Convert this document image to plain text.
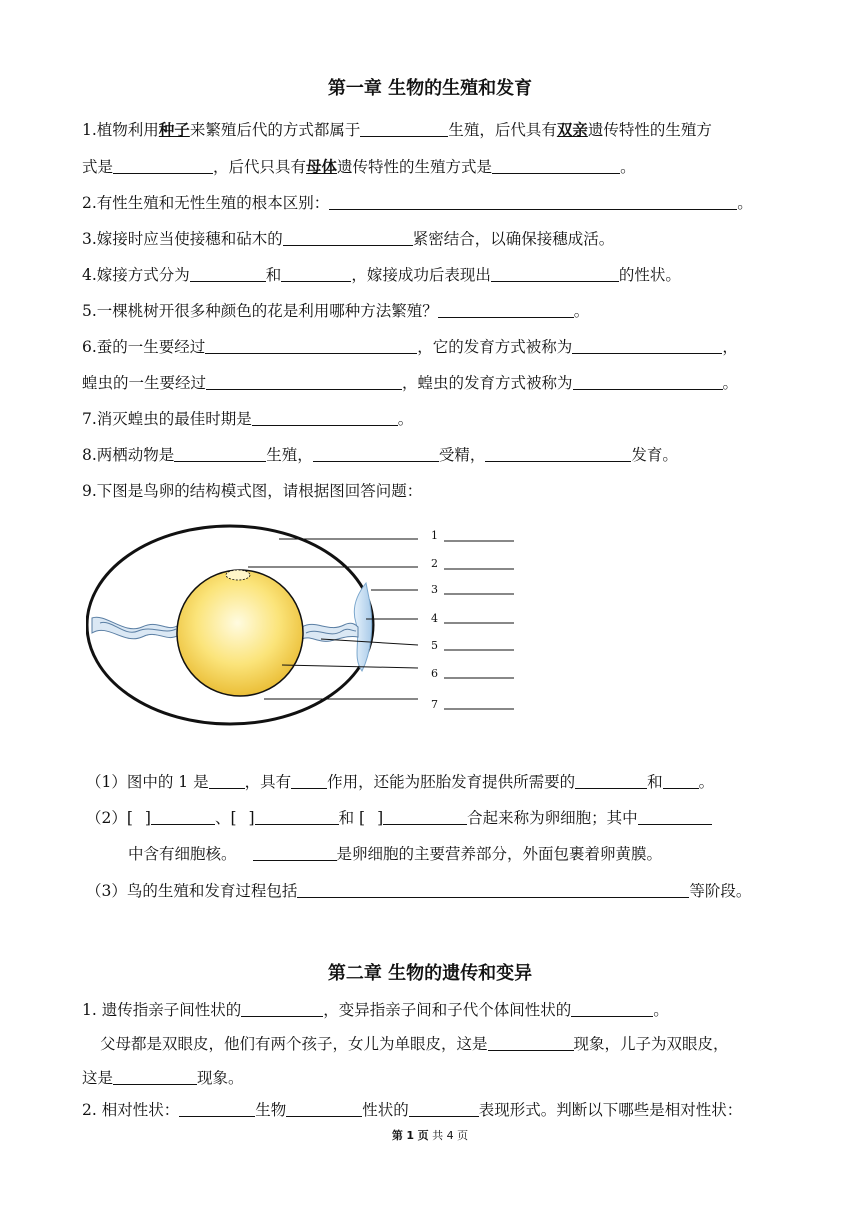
第一章 生物的生殖和发育
1.植物利用种子来繁殖后代的方式都属于	生殖，后代具有双亲遗传特性的生殖方
式是	，后代只具有母体遗传特性的生殖方式是	。
2.有性生殖和无性生殖的根本区别：	。
3.嫁接时应当使接穗和砧木的	紧密结合，以确保接穗成活。
4.嫁接方式分为	和	，嫁接成功后表现出	的性状。
5.一棵桃树开很多种颜色的花是利用哪种方法繁殖？	。
6.蚕的一生要经过	，它的发育方式被称为	，
蝗虫的一生要经过	，蝗虫的发育方式被称为	。
7.消灭蝗虫的最佳时期是	。
8.两栖动物是	生殖，	受精，	发育。
9.下图是鸟卵的结构模式图，请根据图回答问题：
1
2
3
4
5
6
7
（1）图中的 1 是 ，具有 作用，还能为胚胎发育提供所需要的	和 。
（2）[ ]	、[ ]	和 [ ]	合起来称为卵细胞；其中
中含有细胞核。	是卵细胞的主要营养部分，外面包裹着卵黄膜。
（3）鸟的生殖和发育过程包括	等阶段。
第二章 生物的遗传和变异
1. 遗传指亲子间性状的	，变异指亲子间和子代个体间性状的	。
父母都是双眼皮，他们有两个孩子，女儿为单眼皮，这是	现象，儿子为双眼皮，
这是	现象。
2. 相对性状：	生物	性状的	表现形式。判断以下哪些是相对性状：
第 1 页 共 4 页
